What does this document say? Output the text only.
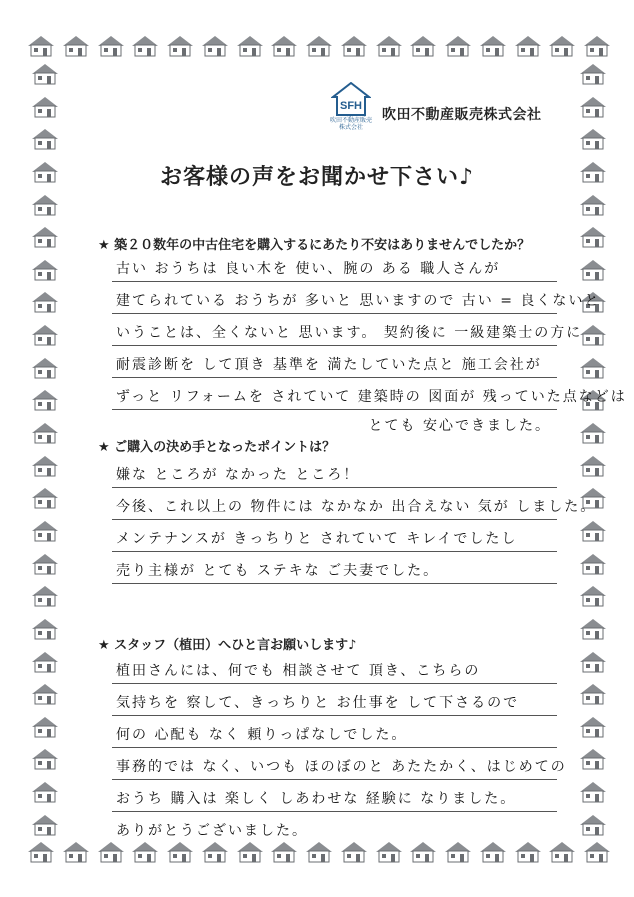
SFH
吹田不動産販売
株式会社
吹田不動産販売株式会社
お客様の声をお聞かせ下さい♪
★ 築２０数年の中古住宅を購入するにあたり不安はありませんでしたか？
古い おうちは 良い木を 使い、腕の ある 職人さんが
建てられている おうちが 多いと 思いますので 古い = 良くないと
いうことは、全くないと 思います。 契約後に 一級建築士の方に
耐震診断を して頂き 基準を 満たしていた点と 施工会社が
ずっと リフォームを されていて 建築時の 図面が 残っていた点などは
とても 安心できました。
★ ご購入の決め手となったポイントは？
嫌な ところが なかった ところ！
今後、これ以上の 物件には なかなか 出合えない 気が しました。
メンテナンスが きっちりと されていて キレイでしたし
売り主様が とても ステキな ご夫妻でした。
★ スタッフ（植田）へひと言お願いします♪
植田さんには、何でも 相談させて 頂き、こちらの
気持ちを 察して、きっちりと お仕事を して下さるので
何の 心配も なく 頼りっぱなしでした。
事務的では なく、いつも ほのぼのと あたたかく、はじめての
おうち 購入は 楽しく しあわせな 経験に なりました。
ありがとうございました。
